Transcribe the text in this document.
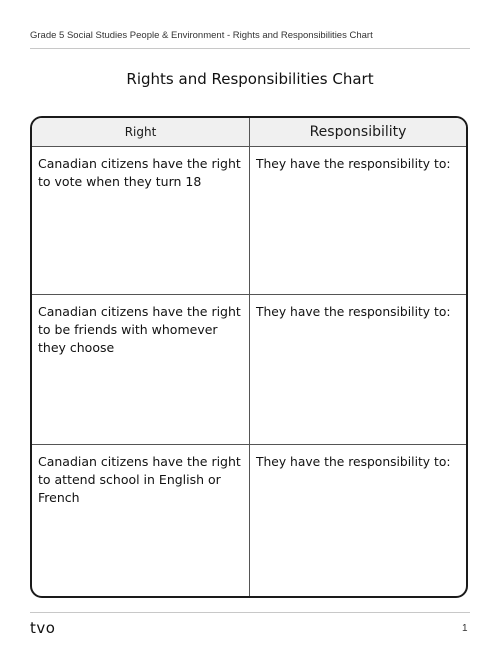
Grade 5 Social Studies People & Environment - Rights and Responsibilities Chart
Rights and Responsibilities Chart
Right	Responsibility
Canadian citizens have the right to vote when they turn 18
They have the responsibility to:
Canadian citizens have the right to be friends with whomever they choose
They have the responsibility to:
Canadian citizens have the right to attend school in English or French
They have the responsibility to:
tvo	1
